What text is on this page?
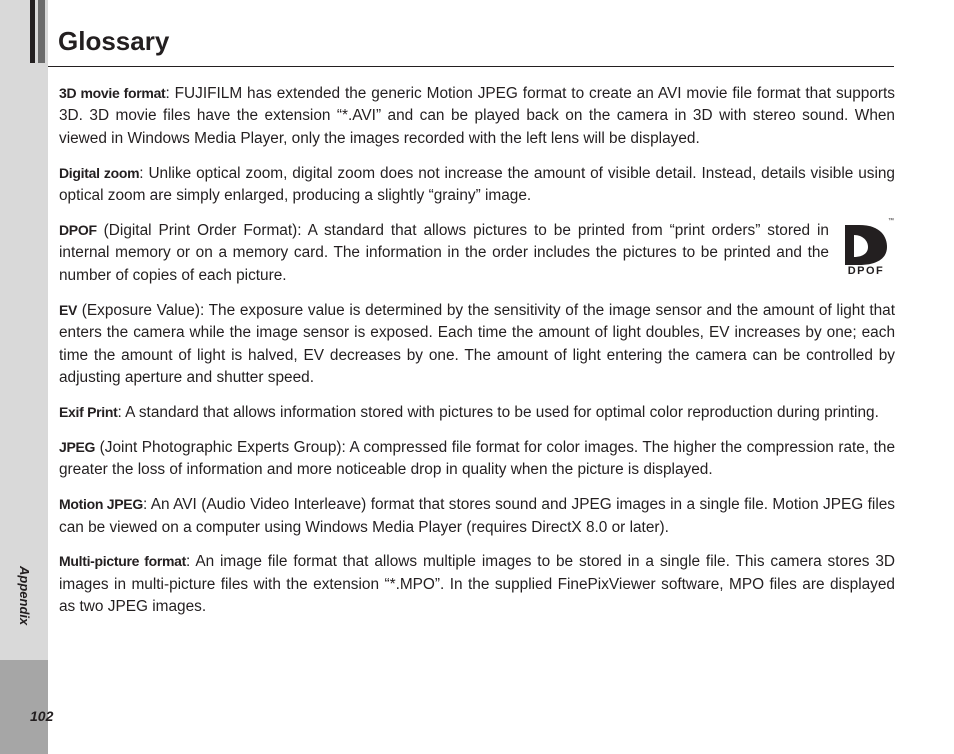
Appendix
102
Glossary

3D movie format: FUJIFILM has extended the generic Motion JPEG format to create an AVI movie file format that supports 3D. 3D movie files have the extension “*.AVI” and can be played back on the camera in 3D with stereo sound. When viewed in Windows Media Player, only the images recorded with the left lens will be displayed.

Digital zoom: Unlike optical zoom, digital zoom does not increase the amount of visible detail. Instead, details visible using optical zoom are simply enlarged, producing a slightly “grainy” image.

DPOF (Digital Print Order Format): A standard that allows pictures to be printed from “print orders” stored in internal memory or on a memory card. The information in the order includes the pictures to be printed and the number of copies of each picture.

™
DPOF

EV (Exposure Value): The exposure value is determined by the sensitivity of the image sensor and the amount of light that enters the camera while the image sensor is exposed. Each time the amount of light doubles, EV increases by one; each time the amount of light is halved, EV decreases by one. The amount of light entering the camera can be controlled by adjusting aperture and shutter speed.

Exif Print: A standard that allows information stored with pictures to be used for optimal color reproduction during printing.

JPEG (Joint Photographic Experts Group): A compressed file format for color images. The higher the compression rate, the greater the loss of information and more noticeable drop in quality when the picture is displayed.

Motion JPEG: An AVI (Audio Video Interleave) format that stores sound and JPEG images in a single file. Motion JPEG files can be viewed on a computer using Windows Media Player (requires DirectX 8.0 or later).

Multi-picture format: An image file format that allows multiple images to be stored in a single file. This camera stores 3D images in multi-picture files with the extension “*.MPO”. In the supplied FinePixViewer software, MPO files are displayed as two JPEG images.
